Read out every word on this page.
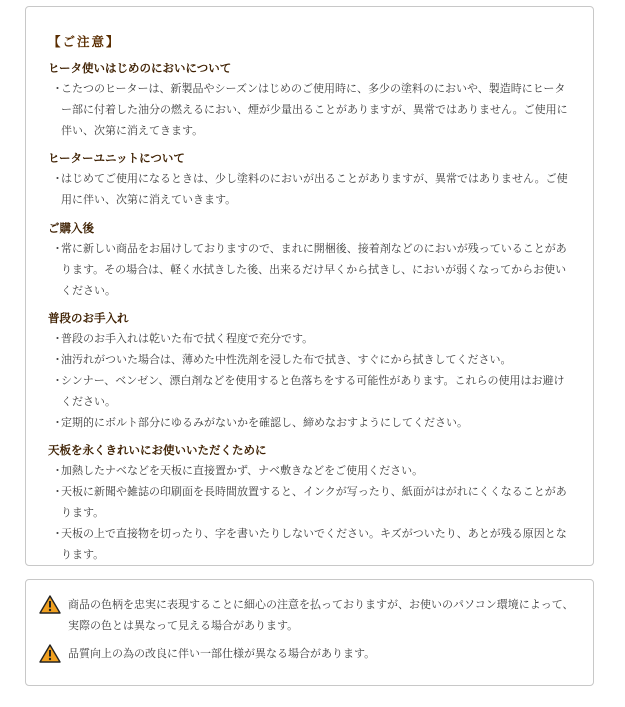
【ご注意】
ヒータ使いはじめのにおいについて
・
こたつのヒーターは、新製品やシーズンはじめのご使用時に、多少の塗料のにおいや、製造時にヒーター部に付着した油分の燃えるにおい、煙が少量出ることがありますが、異常ではありません。ご使用に伴い、次第に消えてきます。
ヒーターユニットについて
・
はじめてご使用になるときは、少し塗料のにおいが出ることがありますが、異常ではありません。ご使用に伴い、次第に消えていきます。
ご購入後
・
常に新しい商品をお届けしておりますので、まれに開梱後、接着剤などのにおいが残っていることがあります。その場合は、軽く水拭きした後、出来るだけ早くから拭きし、においが弱くなってからお使いください。
普段のお手入れ
・
普段のお手入れは乾いた布で拭く程度で充分です。
・
油汚れがついた場合は、薄めた中性洗剤を浸した布で拭き、すぐにから拭きしてください。
・
シンナー、ベンゼン、漂白剤などを使用すると色落ちをする可能性があります。これらの使用はお避けください。
・
定期的にボルト部分にゆるみがないかを確認し、締めなおすようにしてください。
天板を永くきれいにお使いいただくために
・
加熱したナベなどを天板に直接置かず、ナベ敷きなどをご使用ください。
・
天板に新聞や雑誌の印刷面を長時間放置すると、インクが写ったり、紙面がはがれにくくなることがあります。
・
天板の上で直接物を切ったり、字を書いたりしないでください。キズがついたり、あとが残る原因となります。
商品の色柄を忠実に表現することに細心の注意を払っておりますが、お使いのパソコン環境によって、実際の色とは異なって見える場合があります。
品質向上の為の改良に伴い一部仕様が異なる場合があります。
